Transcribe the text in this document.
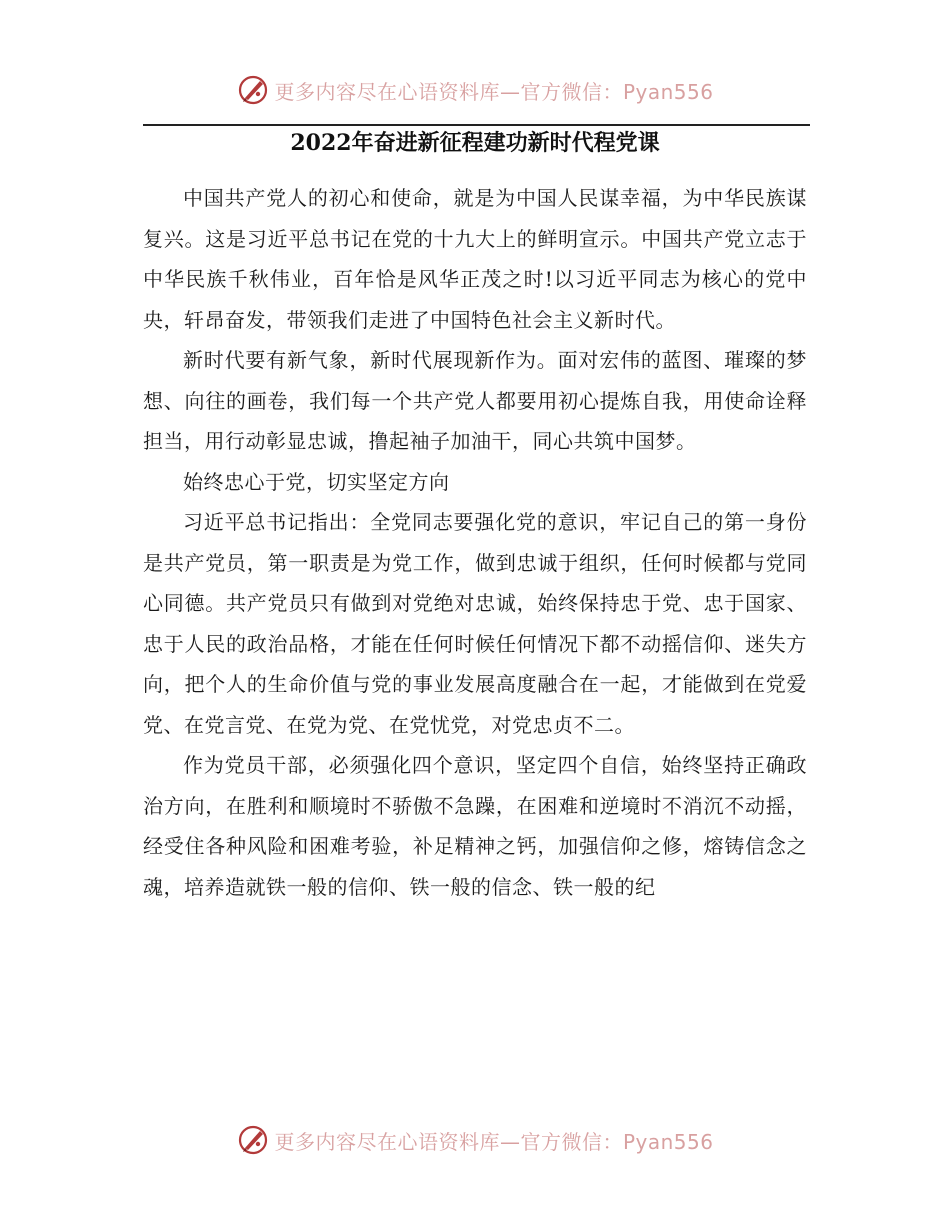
更多内容尽在心语资料库—官方微信：Pyan556
2022年奋进新征程建功新时代程党课

中国共产党人的初心和使命，就是为中国人民谋幸福，为中华民族谋复兴。这是习近平总书记在党的十九大上的鲜明宣示。中国共产党立志于中华民族千秋伟业，百年恰是风华正茂之时!以习近平同志为核心的党中央，轩昂奋发，带领我们走进了中国特色社会主义新时代。

新时代要有新气象，新时代展现新作为。面对宏伟的蓝图、璀璨的梦想、向往的画卷，我们每一个共产党人都要用初心提炼自我，用使命诠释担当，用行动彰显忠诚，撸起袖子加油干，同心共筑中国梦。

始终忠心于党，切实坚定方向

习近平总书记指出：全党同志要强化党的意识，牢记自己的第一身份是共产党员，第一职责是为党工作，做到忠诚于组织，任何时候都与党同心同德。共产党员只有做到对党绝对忠诚，始终保持忠于党、忠于国家、忠于人民的政治品格，才能在任何时候任何情况下都不动摇信仰、迷失方向，把个人的生命价值与党的事业发展高度融合在一起，才能做到在党爱党、在党言党、在党为党、在党忧党，对党忠贞不二。

作为党员干部，必须强化四个意识，坚定四个自信，始终坚持正确政治方向，在胜利和顺境时不骄傲不急躁，在困难和逆境时不消沉不动摇，经受住各种风险和困难考验，补足精神之钙，加强信仰之修，熔铸信念之魂，培养造就铁一般的信仰、铁一般的信念、铁一般的纪

更多内容尽在心语资料库—官方微信：Pyan556
